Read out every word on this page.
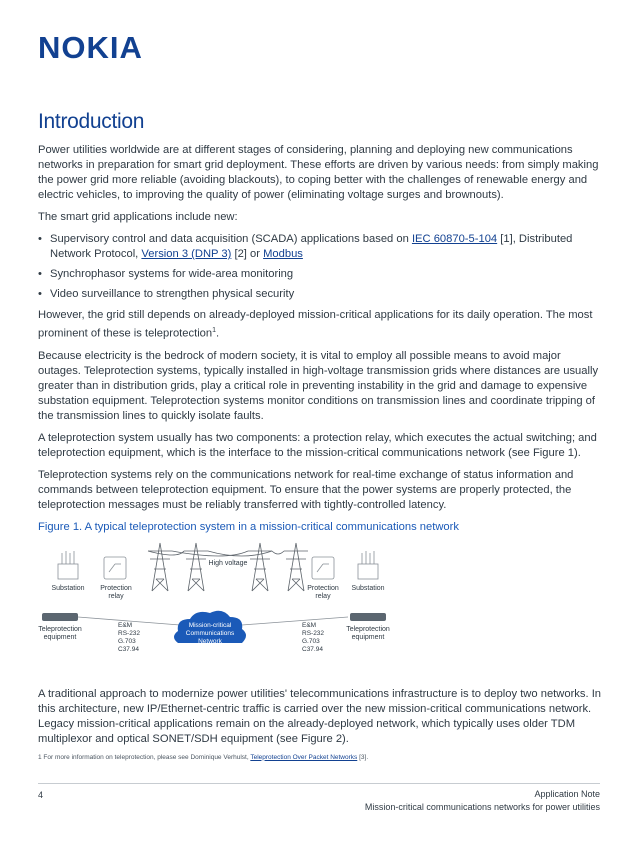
NOKIA
Introduction

Power utilities worldwide are at different stages of considering, planning and deploying new communications networks in preparation for smart grid deployment. These efforts are driven by various needs: from simply making the power grid more reliable (avoiding blackouts), to coping better with the challenges of renewable energy and electric vehicles, to improving the quality of power (eliminating voltage surges and brownouts).

The smart grid applications include new:

• Supervisory control and data acquisition (SCADA) applications based on IEC 60870-5-104 [1], Distributed Network Protocol, Version 3 (DNP 3) [2] or Modbus
• Synchrophasor systems for wide-area monitoring
• Video surveillance to strengthen physical security

However, the grid still depends on already-deployed mission-critical applications for its daily operation. The most prominent of these is teleprotection$^1$.

Because electricity is the bedrock of modern society, it is vital to employ all possible means to avoid major outages. Teleprotection systems, typically installed in high-voltage transmission grids where distances are usually greater than in distribution grids, play a critical role in preventing instability in the grid and damage to expensive substation equipment. Teleprotection systems monitor conditions on transmission lines and coordinate tripping of the transmission lines to quickly isolate faults.

A teleprotection system usually has two components: a protection relay, which executes the actual switching; and teleprotection equipment, which is the interface to the mission-critical communications network (see Figure 1).

Teleprotection systems rely on the communications network for real-time exchange of status information and commands between teleprotection equipment. To ensure that the power systems are properly protected, the teleprotection messages must be reliably transferred with tightly-controlled latency.

Figure 1. A typical teleprotection system in a mission-critical communications network
Substation Protection
relay
High voltage
Protection
relay
Substation
Teleprotection
equipment
E&M
RS-232
G.703
C37.94
Mission-critical
Communications
Network
Teleprotection
equipment
E&M
RS-232
G.703
C37.94

A traditional approach to modernize power utilities' telecommunications infrastructure is to deploy two networks. In this architecture, new IP/Ethernet-centric traffic is carried over the new mission-critical communications network. Legacy mission-critical applications remain on the already-deployed network, which typically uses older TDM multiplexor and optical SONET/SDH equipment (see Figure 2).

1 For more information on teleprotection, please see Dominique Verhulst, Teleprotection Over Packet Networks [3].
4	Application Note
Mission-critical communications networks for power utilities
